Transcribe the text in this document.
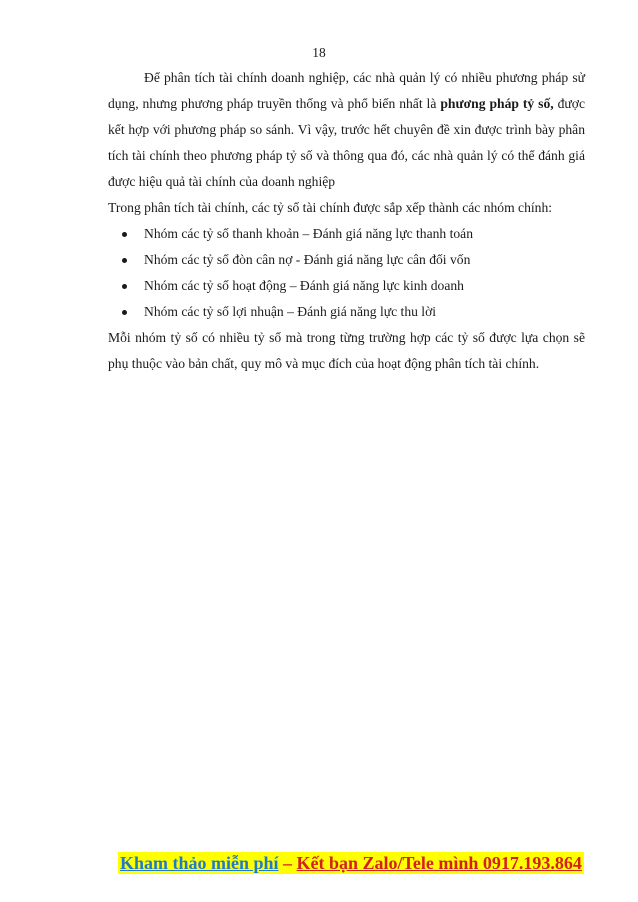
18

Để phân tích tài chính doanh nghiệp, các nhà quản lý có nhiều phương pháp sử dụng, nhưng phương pháp truyền thống và phổ biến nhất là phương pháp tỷ số, được kết hợp với phương pháp so sánh. Vì vậy, trước hết chuyên đề xin được trình bày phân tích tài chính theo phương pháp tỷ số và thông qua đó, các nhà quản lý có thể đánh giá được hiệu quả tài chính của doanh nghiệp

Trong phân tích tài chính, các tỷ số tài chính được sắp xếp thành các nhóm chính:

Nhóm các tỷ số thanh khoản – Đánh giá năng lực thanh toán
Nhóm các tỷ số đòn cân nợ - Đánh giá năng lực cân đối vốn
Nhóm các tỷ số hoạt động – Đánh giá năng lực kinh doanh
Nhóm các tỷ số lợi nhuận – Đánh giá năng lực thu lời

Mỗi nhóm tỷ số có nhiều tỷ số mà trong từng trường hợp các tỷ số được lựa chọn sẽ phụ thuộc vào bản chất, quy mô và mục đích của hoạt động phân tích tài chính.

Kham thảo miễn phí – Kết bạn Zalo/Tele mình 0917.193.864
